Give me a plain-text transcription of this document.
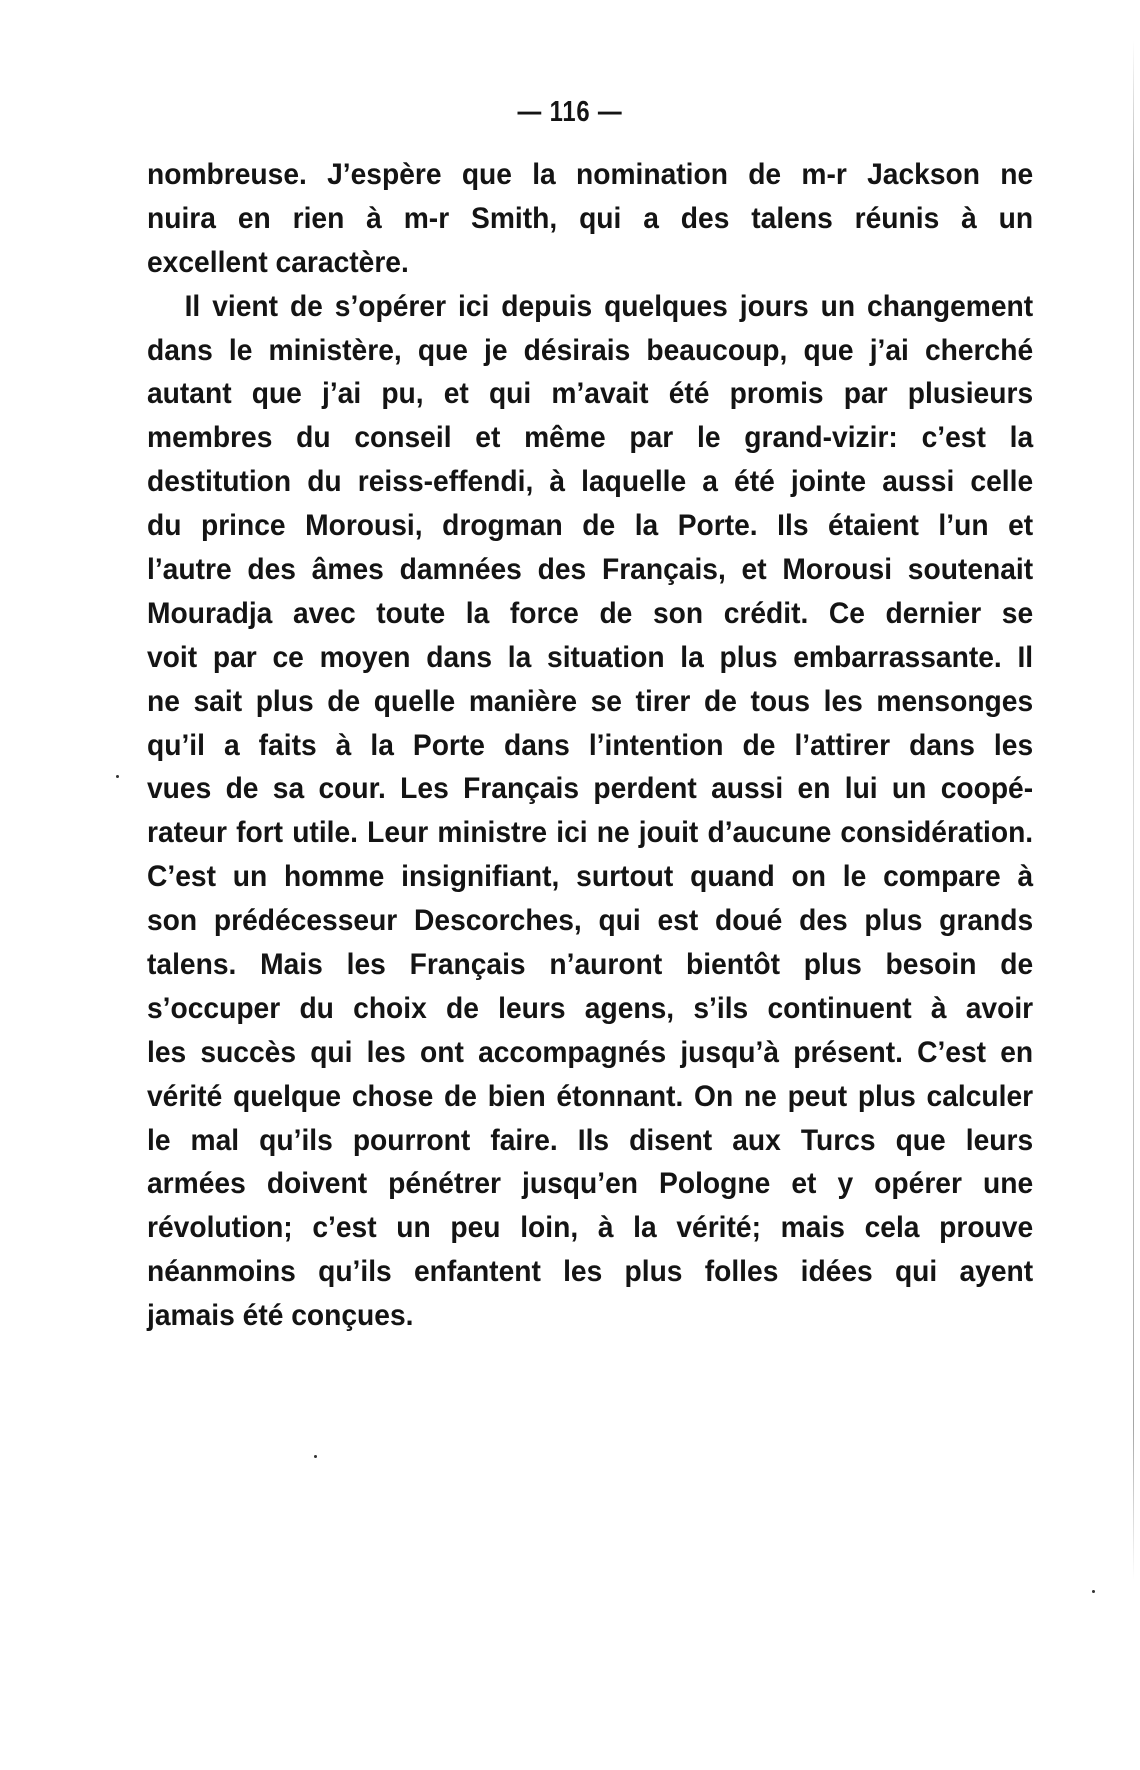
— 116 —
nombreuse. J’espère que la nomination de m-r Jackson ne
nuira en rien à m-r Smith, qui a des talens réunis à un
excellent caractère.
Il vient de s’opérer ici depuis quelques jours un changement
dans le ministère, que je désirais beaucoup, que j’ai cherché
autant que j’ai pu, et qui m’avait été promis par plusieurs
membres du conseil et même par le grand-vizir: c’est la
destitution du reiss-effendi, à laquelle a été jointe aussi celle
du prince Morousi, drogman de la Porte. Ils étaient l’un et
l’autre des âmes damnées des Français, et Morousi soutenait
Mouradja avec toute la force de son crédit. Ce dernier se
voit par ce moyen dans la situation la plus embarrassante. Il
ne sait plus de quelle manière se tirer de tous les mensonges
qu’il a faits à la Porte dans l’intention de l’attirer dans les
vues de sa cour. Les Français perdent aussi en lui un coopé-
rateur fort utile. Leur ministre ici ne jouit d’aucune considération.
C’est un homme insignifiant, surtout quand on le compare à
son prédécesseur Descorches, qui est doué des plus grands
talens. Mais les Français n’auront bientôt plus besoin de
s’occuper du choix de leurs agens, s’ils continuent à avoir
les succès qui les ont accompagnés jusqu’à présent. C’est en
vérité quelque chose de bien étonnant. On ne peut plus calculer
le mal qu’ils pourront faire. Ils disent aux Turcs que leurs
armées doivent pénétrer jusqu’en Pologne et y opérer une
révolution; c’est un peu loin, à la vérité; mais cela prouve
néanmoins qu’ils enfantent les plus folles idées qui ayent
jamais été conçues.
